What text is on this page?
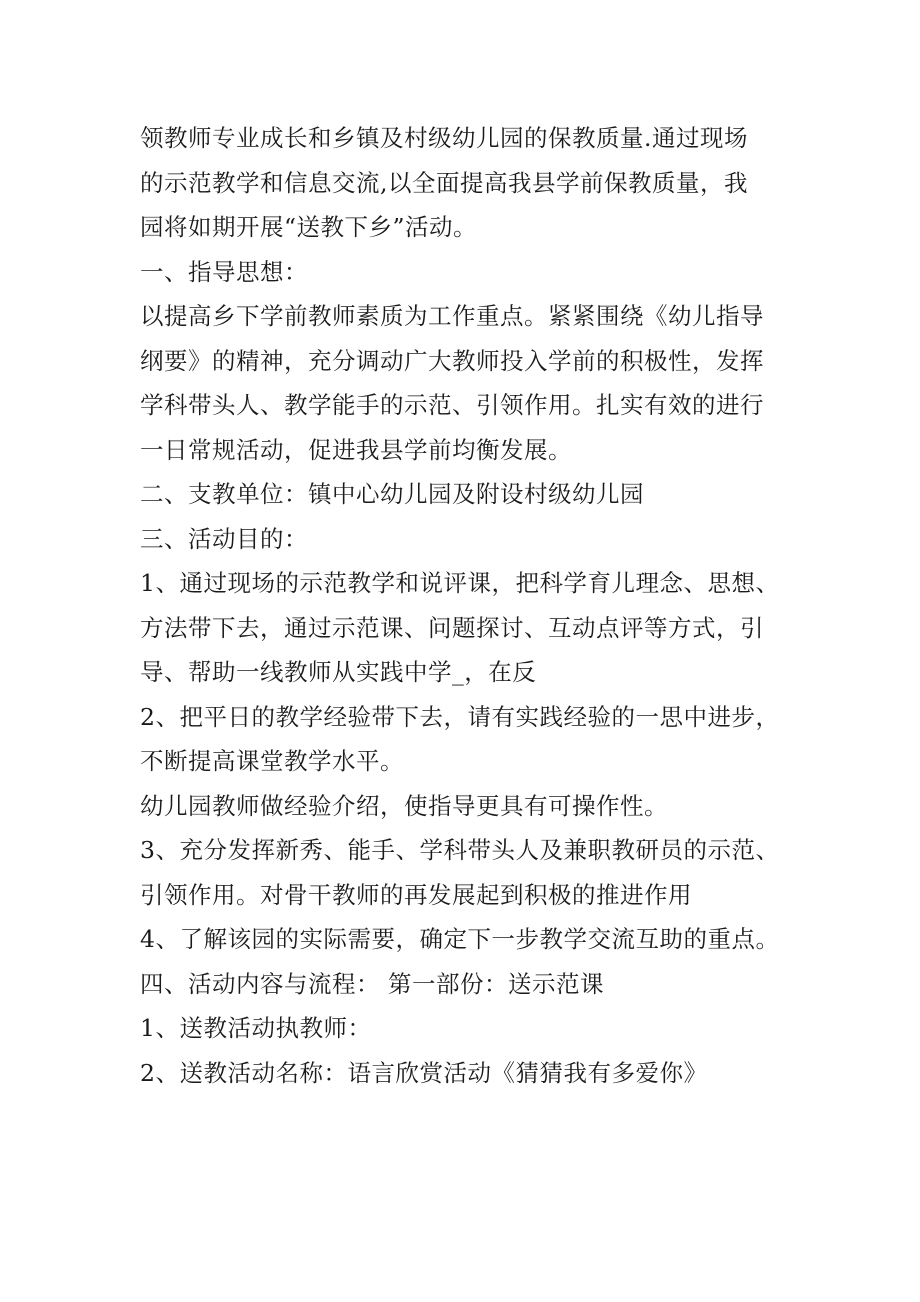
领教师专业成长和乡镇及村级幼儿园的保教质量.通过现场
的示范教学和信息交流,以全面提高我县学前保教质量，我
园将如期开展“送教下乡”活动。
一、指导思想：
以提高乡下学前教师素质为工作重点。紧紧围绕《幼儿指导
纲要》的精神，充分调动广大教师投入学前的积极性，发挥
学科带头人、教学能手的示范、引领作用。扎实有效的进行
一日常规活动，促进我县学前均衡发展。
二、支教单位：镇中心幼儿园及附设村级幼儿园
三、活动目的：
1、通过现场的示范教学和说评课，把科学育儿理念、思想、
方法带下去，通过示范课、问题探讨、互动点评等方式，引
导、帮助一线教师从实践中学_，在反
2、把平日的教学经验带下去，请有实践经验的一思中进步，
不断提高课堂教学水平。
幼儿园教师做经验介绍，使指导更具有可操作性。
3、充分发挥新秀、能手、学科带头人及兼职教研员的示范、
引领作用。对骨干教师的再发展起到积极的推进作用
4、了解该园的实际需要，确定下一步教学交流互助的重点。
四、活动内容与流程： 第一部份：送示范课
1、送教活动执教师：
2、送教活动名称：语言欣赏活动《猜猜我有多爱你》
